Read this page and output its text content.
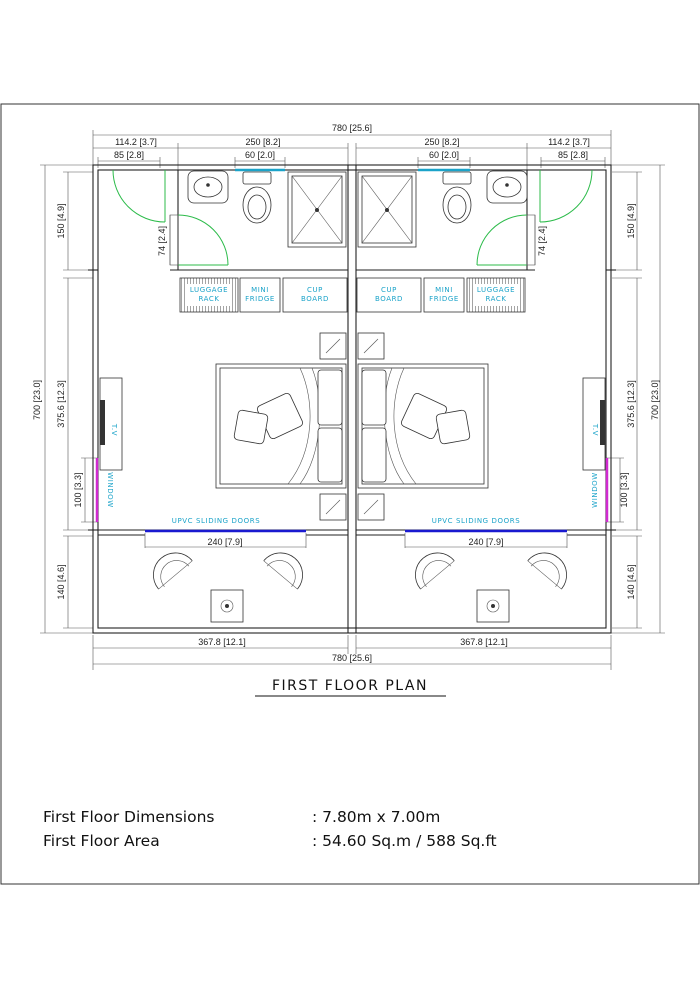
780 [25.6]
114.2 [3.7]	250 [8.2]	250 [8.2]	114.2 [3.7]
85 [2.8]	60 [2.0]	60 [2.0]	85 [2.8]
700 [23.0]
150 [4.9]
375.6 [12.3]
140 [4.6]
100 [3.3]
74 [2.4]
700 [23.0]
150 [4.9]
375.6 [12.3]
140 [4.6]
100 [3.3]
74 [2.4]
367.8 [12.1]	367.8 [12.1]
780 [25.6]
240 [7.9]	240 [7.9]
UPVC SLIDING DOORS	UPVC SLIDING DOORS
WINDOW	WINDOW
LUGGAGE
RACK
MINI
FRIDGE
CUP
BOARD
CUP
BOARD
MINI
FRIDGE
LUGGAGE
RACK
T.V	T.V
FIRST FLOOR PLAN
First Floor Dimensions	: 7.80m x 7.00m
First Floor Area	: 54.60 Sq.m / 588 Sq.ft
